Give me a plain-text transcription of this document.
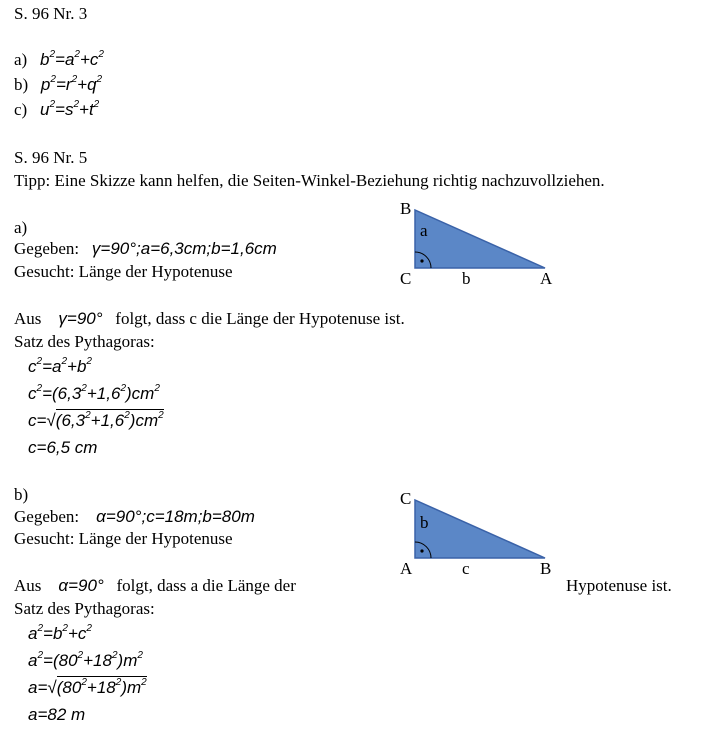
S. 96 Nr. 3
a) $b^2=a^2+c^2$
b) $p^2=r^2+q^2$
c) $u^2=s^2+t^2$
S. 96 Nr. 5
Tipp: Eine Skizze kann helfen, die Seiten-Winkel-Beziehung richtig nachzuvollziehen.
a)
Gegeben: γ=90°;a=6,3cm;b=1,6cm
Gesucht: Länge der Hypotenuse
B
C	A
a
b
Aus γ=90° folgt, dass c die Länge der Hypotenuse ist.
Satz des Pythagoras:
$c^2=a^2+b^2$
$c^2=(6,3^2+1,6^2)cm^2$
$c=√(6,3^2+1,6^2)cm^2$
c=6,5 cm
b)
Gegeben: α=90°;c=18m;b=80m
Gesucht: Länge der Hypotenuse
C
A	B
b
c
Aus α=90° folgt, dass a die Länge der	Hypotenuse ist.
Satz des Pythagoras:
$a^2=b^2+c^2$
$a^2=(80^2+18^2)m^2$
$a=√(80^2+18^2)m^2$
a=82 m
